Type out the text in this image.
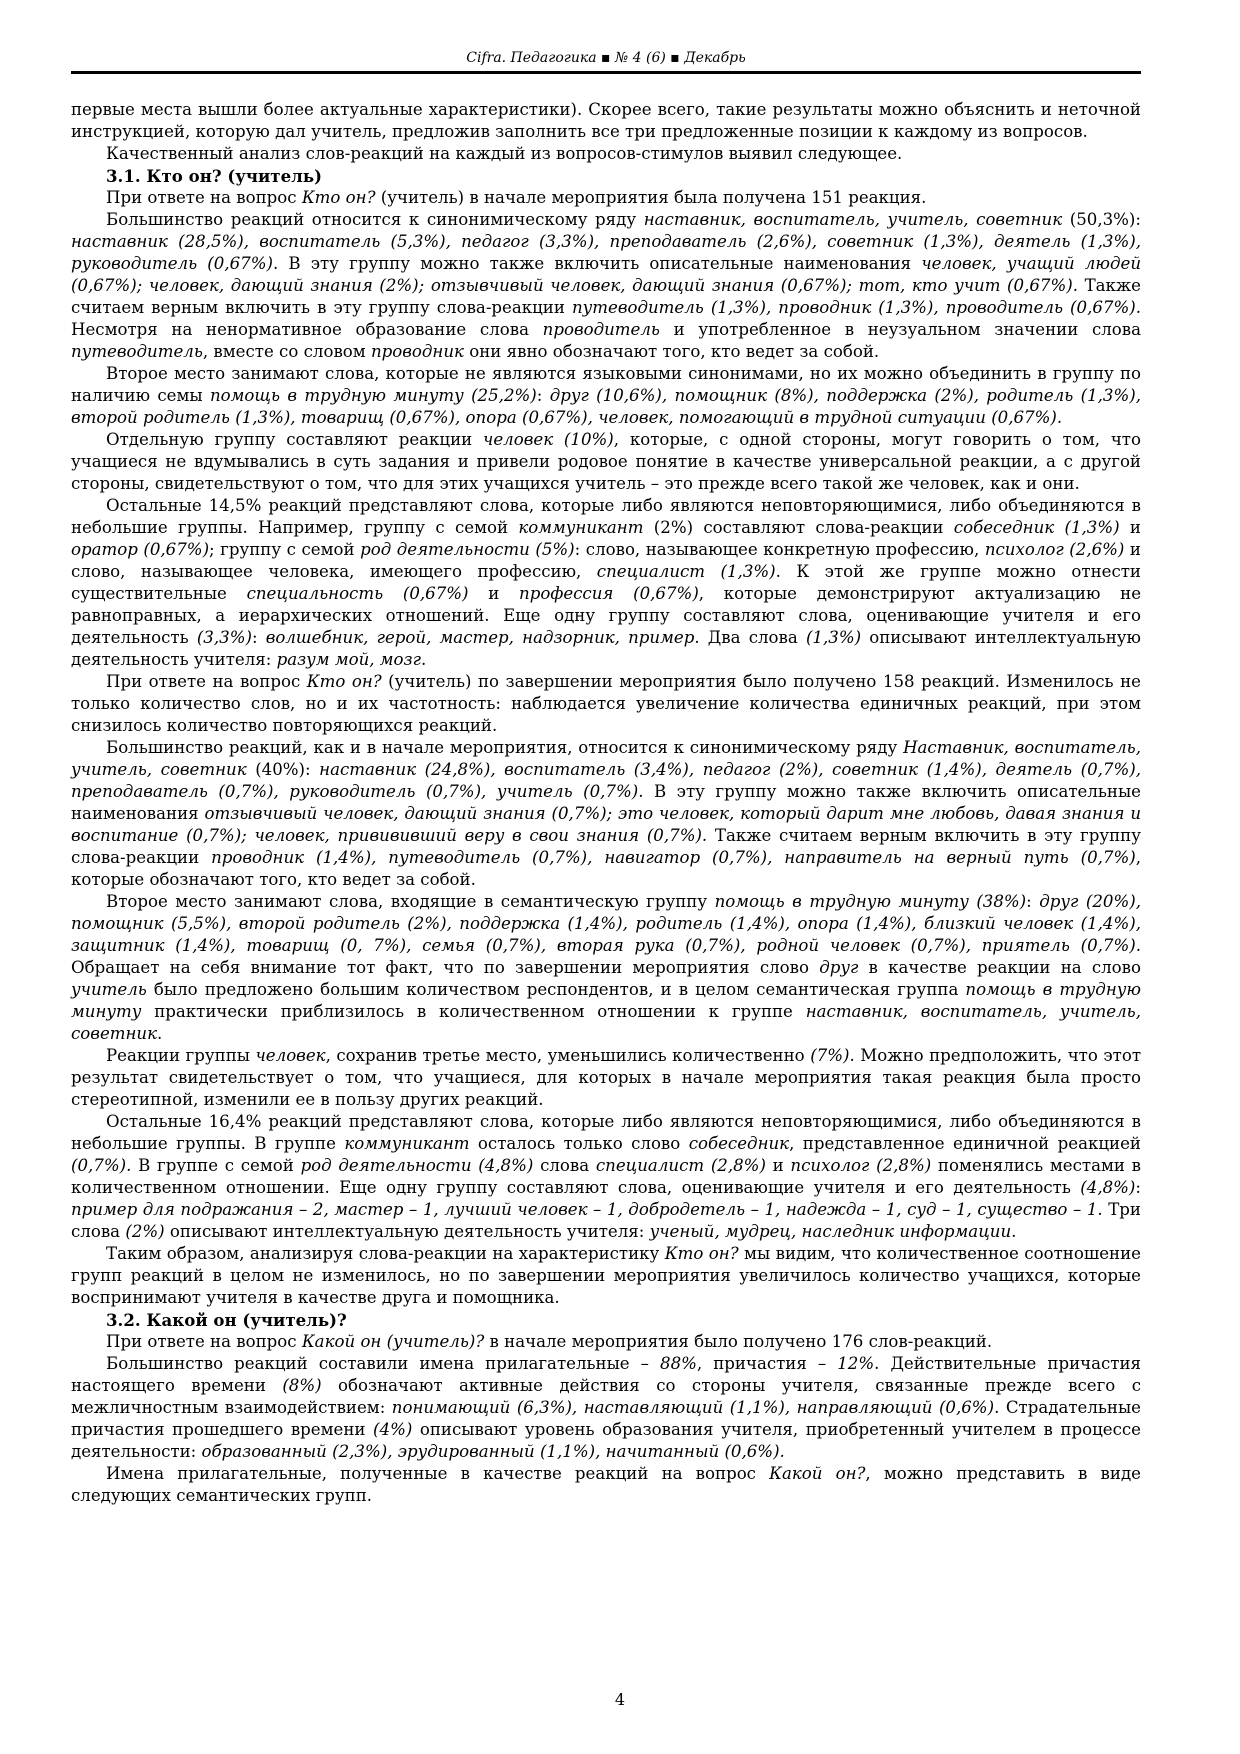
Cifra. Педагогика ▪ № 4 (6) ▪ Декабрь

первые места вышли более актуальные характеристики). Скорее всего, такие результаты можно объяснить и неточной инструкцией, которую дал учитель, предложив заполнить все три предложенные позиции к каждому из вопросов.

Качественный анализ слов-реакций на каждый из вопросов-стимулов выявил следующее.

3.1. Кто он? (учитель)

При ответе на вопрос Кто он? (учитель) в начале мероприятия была получена 151 реакция.

Большинство реакций относится к синонимическому ряду наставник, воспитатель, учитель, советник (50,3%): наставник (28,5%), воспитатель (5,3%), педагог (3,3%), преподаватель (2,6%), советник (1,3%), деятель (1,3%), руководитель (0,67%). В эту группу можно также включить описательные наименования человек, учащий людей (0,67%); человек, дающий знания (2%); отзывчивый человек, дающий знания (0,67%); тот, кто учит (0,67%). Также считаем верным включить в эту группу слова-реакции путеводитель (1,3%), проводник (1,3%), проводитель (0,67%). Несмотря на ненормативное образование слова проводитель и употребленное в неузуальном значении слова путеводитель, вместе со словом проводник они явно обозначают того, кто ведет за собой.

Второе место занимают слова, которые не являются языковыми синонимами, но их можно объединить в группу по наличию семы помощь в трудную минуту (25,2%): друг (10,6%), помощник (8%), поддержка (2%), родитель (1,3%), второй родитель (1,3%), товарищ (0,67%), опора (0,67%), человек, помогающий в трудной ситуации (0,67%).

Отдельную группу составляют реакции человек (10%), которые, с одной стороны, могут говорить о том, что учащиеся не вдумывались в суть задания и привели родовое понятие в качестве универсальной реакции, а с другой стороны, свидетельствуют о том, что для этих учащихся учитель – это прежде всего такой же человек, как и они.

Остальные 14,5% реакций представляют слова, которые либо являются неповторяющимися, либо объединяются в небольшие группы. Например, группу с семой коммуникант (2%) составляют слова-реакции собеседник (1,3%) и оратор (0,67%); группу с семой род деятельности (5%): слово, называющее конкретную профессию, психолог (2,6%) и слово, называющее человека, имеющего профессию, специалист (1,3%). К этой же группе можно отнести существительные специальность (0,67%) и профессия (0,67%), которые демонстрируют актуализацию не равноправных, а иерархических отношений. Еще одну группу составляют слова, оценивающие учителя и его деятельность (3,3%): волшебник, герой, мастер, надзорник, пример. Два слова (1,3%) описывают интеллектуальную деятельность учителя: разум мой, мозг.

При ответе на вопрос Кто он? (учитель) по завершении мероприятия было получено 158 реакций. Изменилось не только количество слов, но и их частотность: наблюдается увеличение количества единичных реакций, при этом снизилось количество повторяющихся реакций.

Большинство реакций, как и в начале мероприятия, относится к синонимическому ряду Наставник, воспитатель, учитель, советник (40%): наставник (24,8%), воспитатель (3,4%), педагог (2%), советник (1,4%), деятель (0,7%), преподаватель (0,7%), руководитель (0,7%), учитель (0,7%). В эту группу можно также включить описательные наименования отзывчивый человек, дающий знания (0,7%); это человек, который дарит мне любовь, давая знания и воспитание (0,7%); человек, привививший веру в свои знания (0,7%). Также считаем верным включить в эту группу слова-реакции проводник (1,4%), путеводитель (0,7%), навигатор (0,7%), направитель на верный путь (0,7%), которые обозначают того, кто ведет за собой.

Второе место занимают слова, входящие в семантическую группу помощь в трудную минуту (38%): друг (20%), помощник (5,5%), второй родитель (2%), поддержка (1,4%), родитель (1,4%), опора (1,4%), близкий человек (1,4%), защитник (1,4%), товарищ (0, 7%), семья (0,7%), вторая рука (0,7%), родной человек (0,7%), приятель (0,7%). Обращает на себя внимание тот факт, что по завершении мероприятия слово друг в качестве реакции на слово учитель было предложено большим количеством респондентов, и в целом семантическая группа помощь в трудную минуту практически приблизилось в количественном отношении к группе наставник, воспитатель, учитель, советник.

Реакции группы человек, сохранив третье место, уменьшились количественно (7%). Можно предположить, что этот результат свидетельствует о том, что учащиеся, для которых в начале мероприятия такая реакция была просто стереотипной, изменили ее в пользу других реакций.

Остальные 16,4% реакций представляют слова, которые либо являются неповторяющимися, либо объединяются в небольшие группы. В группе коммуникант осталось только слово собеседник, представленное единичной реакцией (0,7%). В группе с семой род деятельности (4,8%) слова специалист (2,8%) и психолог (2,8%) поменялись местами в количественном отношении. Еще одну группу составляют слова, оценивающие учителя и его деятельность (4,8%): пример для подражания – 2, мастер – 1, лучший человек – 1, добродетель – 1, надежда – 1, суд – 1, существо – 1. Три слова (2%) описывают интеллектуальную деятельность учителя: ученый, мудрец, наследник информации.

Таким образом, анализируя слова-реакции на характеристику Кто он? мы видим, что количественное соотношение групп реакций в целом не изменилось, но по завершении мероприятия увеличилось количество учащихся, которые воспринимают учителя в качестве друга и помощника.

3.2. Какой он (учитель)?

При ответе на вопрос Какой он (учитель)? в начале мероприятия было получено 176 слов-реакций.

Большинство реакций составили имена прилагательные – 88%, причастия – 12%. Действительные причастия настоящего времени (8%) обозначают активные действия со стороны учителя, связанные прежде всего с межличностным взаимодействием: понимающий (6,3%), наставляющий (1,1%), направляющий (0,6%). Страдательные причастия прошедшего времени (4%) описывают уровень образования учителя, приобретенный учителем в процессе деятельности: образованный (2,3%), эрудированный (1,1%), начитанный (0,6%).

Имена прилагательные, полученные в качестве реакций на вопрос Какой он?, можно представить в виде следующих семантических групп.

4
